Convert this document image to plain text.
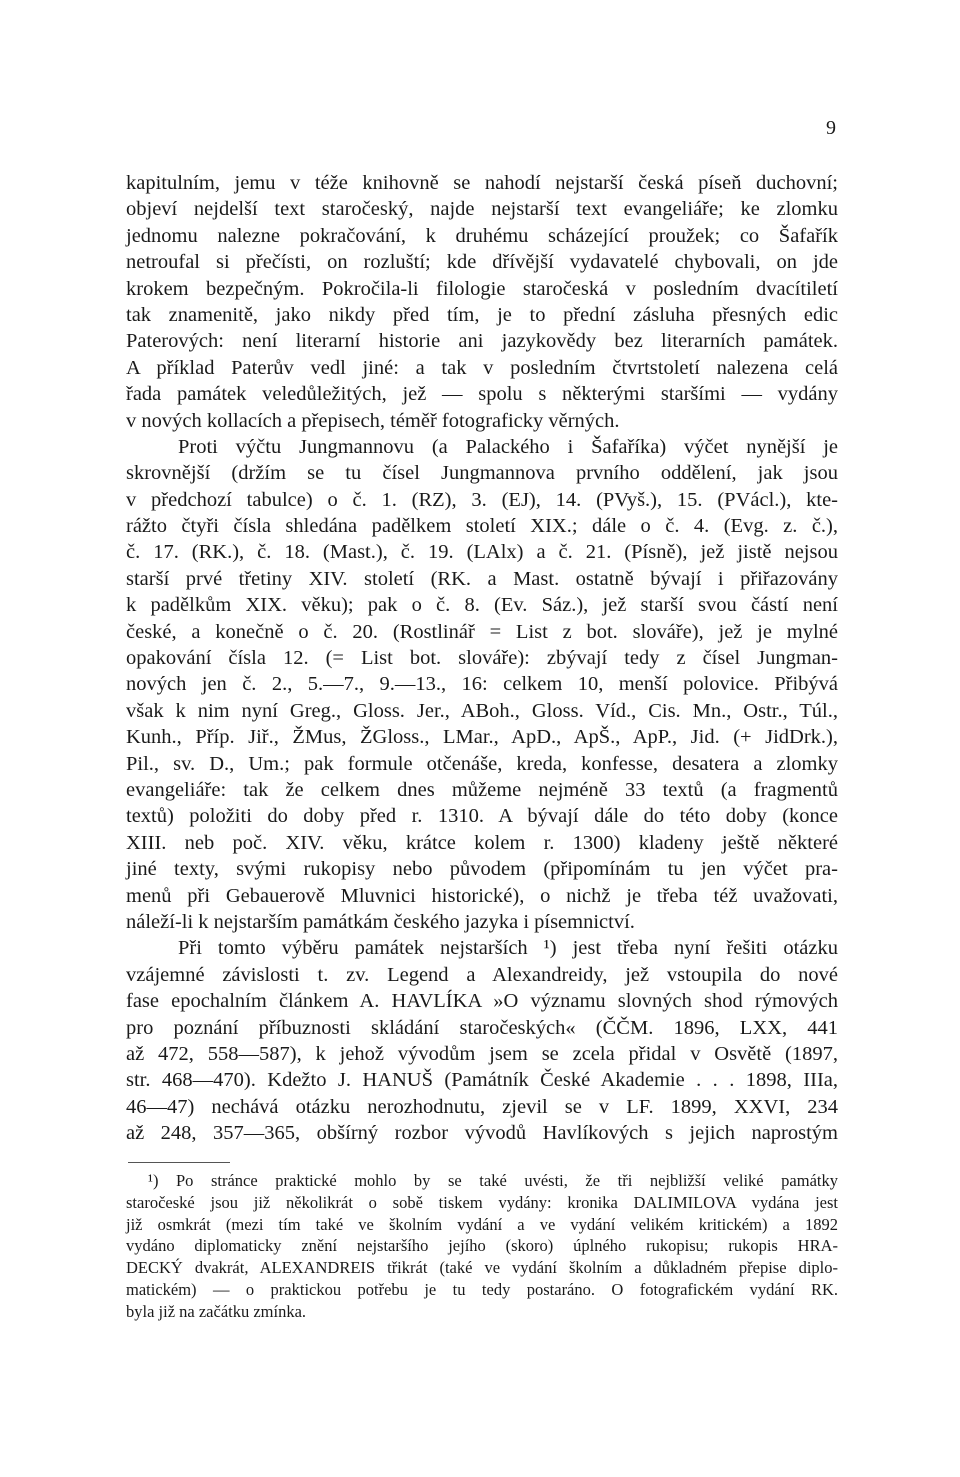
9
kapitulním, jemu v téže knihovně se nahodí nejstarší česká píseň duchovní;
objeví nejdelší text staročeský, najde nejstarší text evangeliáře; ke zlomku
jednomu nalezne pokračování, k druhému scházející proužek; co Šafařík
netroufal si přečísti, on rozluští; kde dřívější vydavatelé chybovali, on jde
krokem bezpečným. Pokročila-li filologie staročeská v posledním dvacítiletí
tak znamenitě, jako nikdy před tím, je to přední zásluha přesných edic
Paterových: není literarní historie ani jazykovědy bez literarních památek.
A příklad Paterův vedl jiné: a tak v posledním čtvrtstoletí nalezena celá
řada památek veledůležitých, jež — spolu s některými staršími — vydány
v nových kollacích a přepisech, téměř fotograficky věrných.
Proti výčtu Jungmannovu (a Palackého i Šafaříka) výčet nynější je
skrovnější (držím se tu čísel Jungmannova prvního oddělení, jak jsou
v předchozí tabulce) o č. 1. (RZ), 3. (EJ), 14. (PVyš.), 15. (PVácl.), kte-
rážto čtyři čísla shledána padělkem století XIX.; dále o č. 4. (Evg. z. č.),
č. 17. (RK.), č. 18. (Mast.), č. 19. (LAlx) a č. 21. (Písně), jež jistě nejsou
starší prvé třetiny XIV. století (RK. a Mast. ostatně bývají i přiřazovány
k padělkům XIX. věku); pak o č. 8. (Ev. Sáz.), jež starší svou částí není
české, a konečně o č. 20. (Rostlinář = List z bot. slováře), jež je mylné
opakování čísla 12. (= List bot. slováře): zbývají tedy z čísel Jungman-
nových jen č. 2., 5.—7., 9.—13., 16: celkem 10, menší polovice. Přibývá
však k nim nyní Greg., Gloss. Jer., ABoh., Gloss. Víd., Cis. Mn., Ostr., Túl.,
Kunh., Příp. Jiř., ŽMus, ŽGloss., LMar., ApD., ApŠ., ApP., Jid. (+ JidDrk.),
Pil., sv. D., Um.; pak formule otčenáše, kreda, konfesse, desatera a zlomky
evangeliáře: tak že celkem dnes můžeme nejméně 33 textů (a fragmentů
textů) položiti do doby před r. 1310. A bývají dále do této doby (konce
XIII. neb poč. XIV. věku, krátce kolem r. 1300) kladeny ještě některé
jiné texty, svými rukopisy nebo původem (připomínám tu jen výčet pra-
menů při Gebauerově Mluvnici historické), o nichž je třeba též uvažovati,
náleží-li k nejstarším památkám českého jazyka i písemnictví.
Při tomto výběru památek nejstarších ¹) jest třeba nyní řešiti otázku
vzájemné závislosti t. zv. Legend a Alexandreidy, jež vstoupila do nové
fase epochalním článkem A. HAVLÍKA »O významu slovných shod rýmových
pro poznání příbuznosti skládání staročeských« (ČČM. 1896, LXX, 441
až 472, 558—587), k jehož vývodům jsem se zcela přidal v Osvětě (1897,
str. 468—470). Kdežto J. HANUŠ (Památník České Akademie . . . 1898, IIIa,
46—47) nechává otázku nerozhodnutu, zjevil se v LF. 1899, XXVI, 234
až 248, 357—365, obšírný rozbor vývodů Havlíkových s jejich naprostým
¹) Po stránce praktické mohlo by se také uvésti, že tři nejbližší veliké památky
staročeské jsou již několikrát o sobě tiskem vydány: kronika DALIMILOVA vydána jest
již osmkrát (mezi tím také ve školním vydání a ve vydání velikém kritickém) a 1892
vydáno diplomaticky znění nejstaršího jejího (skoro) úplného rukopisu; rukopis HRA-
DECKÝ dvakrát, ALEXANDREIS třikrát (také ve vydání školním a důkladném přepise diplo-
matickém) — o praktickou potřebu je tu tedy postaráno. O fotografickém vydání RK.
byla již na začátku zmínka.
